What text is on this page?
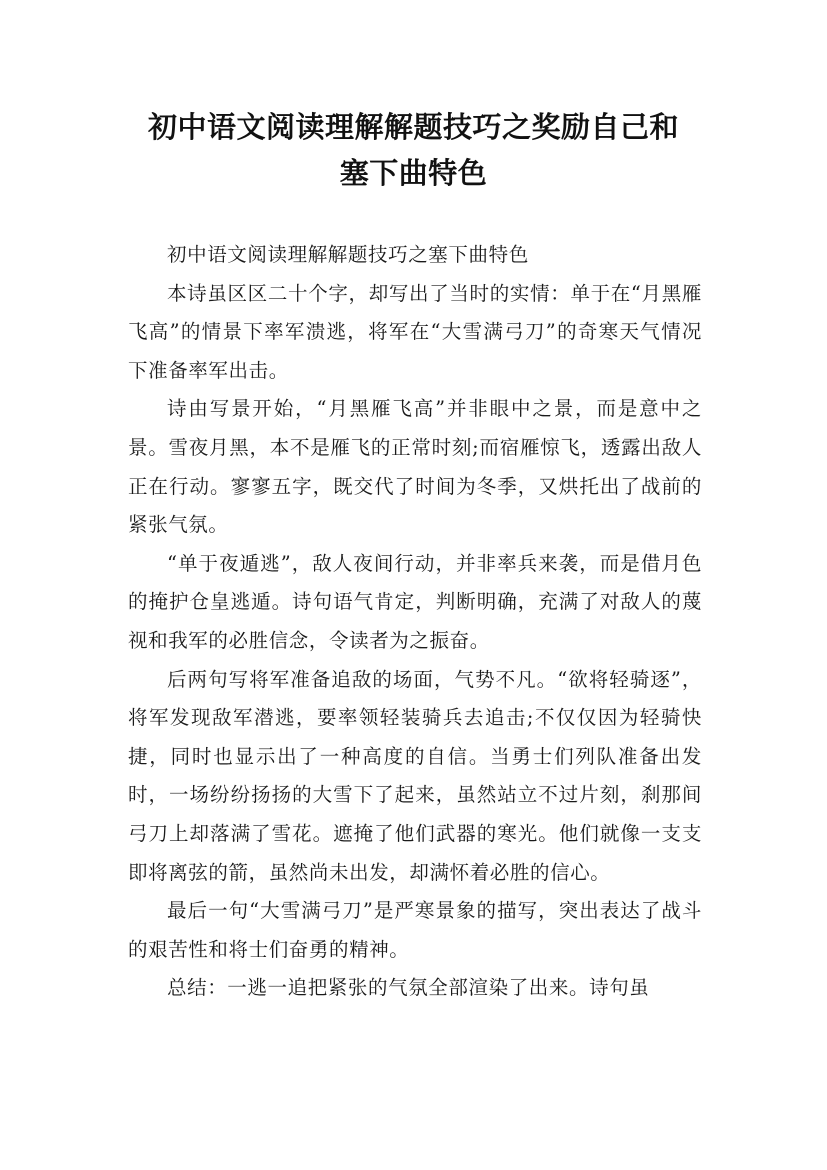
初中语文阅读理解解题技巧之奖励自己和
塞下曲特色

初中语文阅读理解解题技巧之塞下曲特色

本诗虽区区二十个字，却写出了当时的实情：单于在“月黑雁飞高”的情景下率军溃逃，将军在“大雪满弓刀”的奇寒天气情况下准备率军出击。

诗由写景开始，“月黑雁飞高”并非眼中之景，而是意中之景。雪夜月黑，本不是雁飞的正常时刻;而宿雁惊飞，透露出敌人正在行动。寥寥五字，既交代了时间为冬季，又烘托出了战前的紧张气氛。

“单于夜遁逃”，敌人夜间行动，并非率兵来袭，而是借月色的掩护仓皇逃遁。诗句语气肯定，判断明确，充满了对敌人的蔑视和我军的必胜信念，令读者为之振奋。

后两句写将军准备追敌的场面，气势不凡。“欲将轻骑逐”，将军发现敌军潜逃，要率领轻装骑兵去追击;不仅仅因为轻骑快捷，同时也显示出了一种高度的自信。当勇士们列队准备出发时，一场纷纷扬扬的大雪下了起来，虽然站立不过片刻，刹那间弓刀上却落满了雪花。遮掩了他们武器的寒光。他们就像一支支即将离弦的箭，虽然尚未出发，却满怀着必胜的信心。

最后一句“大雪满弓刀”是严寒景象的描写，突出表达了战斗的艰苦性和将士们奋勇的精神。

总结：一逃一追把紧张的气氛全部渲染了出来。诗句虽
